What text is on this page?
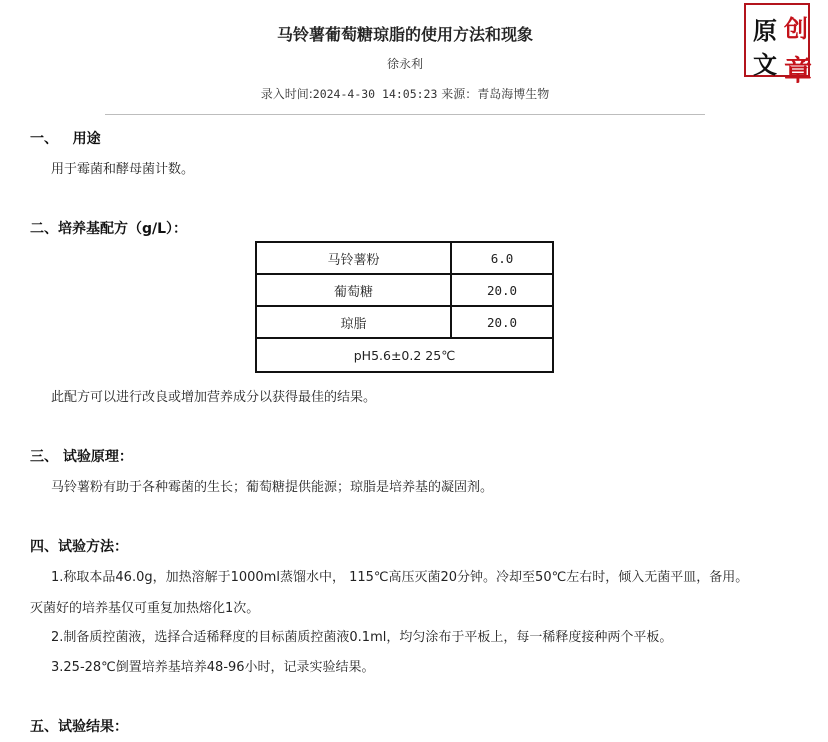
马铃薯葡萄糖琼脂的使用方法和现象
徐永利
录入时间:2024-4-30 14:05:23 来源：青岛海博生物
原 创
文 章
一、   用途
用于霉菌和酵母菌计数。
二、培养基配方（g/L）：
马铃薯粉	6.0
葡萄糖	20.0
琼脂	20.0
pH5.6±0.2 25℃	
此配方可以进行改良或增加营养成分以获得最佳的结果。
三、 试验原理：
马铃薯粉有助于各种霉菌的生长；葡萄糖提供能源；琼脂是培养基的凝固剂。
四、试验方法：
1.称取本品46.0g，加热溶解于1000ml蒸馏水中， 115℃高压灭菌20分钟。冷却至50℃左右时，倾入无菌平皿，备用。
灭菌好的培养基仅可重复加热熔化1次。
2.制备质控菌液，选择合适稀释度的目标菌质控菌液0.1ml，均匀涂布于平板上，每一稀释度接种两个平板。
3.25-28℃倒置培养基培养48-96小时，记录实验结果。
五、试验结果：
